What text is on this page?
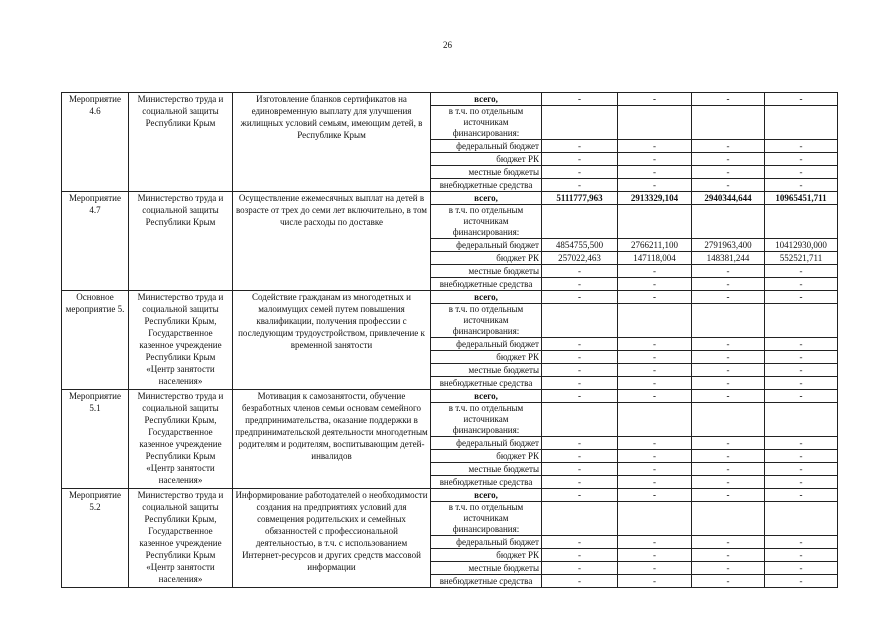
26
Мероприятие 4.6	Министерство труда и социальной защиты Республики Крым	Изготовление бланков сертификатов на единовременную выплату для улучшения жилищных условий семьям, имеющим детей, в Республике Крым	всего,	-	-	-	-
			в т.ч. по отдельным источникам финансирования:				
			федеральный бюджет	-	-	-	-
			бюджет РК	-	-	-	-
			местные бюджеты	-	-	-	-
			внебюджетные средства	-	-	-	-
Мероприятие 4.7	Министерство труда и социальной защиты Республики Крым	Осуществление ежемесячных выплат на детей в возрасте от трех до семи лет включительно, в том числе расходы по доставке	всего,	5111777,963	2913329,104	2940344,644	10965451,711
			в т.ч. по отдельным источникам финансирования:				
			федеральный бюджет	4854755,500	2766211,100	2791963,400	10412930,000
			бюджет РК	257022,463	147118,004	148381,244	552521,711
			местные бюджеты	-	-	-	-
			внебюджетные средства	-	-	-	-
Основное мероприятие 5.	Министерство труда и социальной защиты Республики Крым, Государственное казенное учреждение Республики Крым «Центр занятости населения»	Содействие гражданам из многодетных и малоимущих семей путем повышения квалификации, получения профессии с последующим трудоустройством, привлечение к временной занятости	всего,	-	-	-	-
			в т.ч. по отдельным источникам финансирования:				
			федеральный бюджет	-	-	-	-
			бюджет РК	-	-	-	-
			местные бюджеты	-	-	-	-
			внебюджетные средства	-	-	-	-
Мероприятие 5.1	Министерство труда и социальной защиты Республики Крым, Государственное казенное учреждение Республики Крым «Центр занятости населения»	Мотивация к самозанятости, обучение безработных членов семьи основам семейного предпринимательства, оказание поддержки в предпринимательской деятельности многодетным родителям и родителям, воспитывающим детей-инвалидов	всего,	-	-	-	-
			в т.ч. по отдельным источникам финансирования:				
			федеральный бюджет	-	-	-	-
			бюджет РК	-	-	-	-
			местные бюджеты	-	-	-	-
			внебюджетные средства	-	-	-	-
Мероприятие 5.2	Министерство труда и социальной защиты Республики Крым, Государственное казенное учреждение Республики Крым «Центр занятости населения»	Информирование работодателей о необходимости создания на предприятиях условий для совмещения родительских и семейных обязанностей с профессиональной деятельностью, в т.ч. с использованием Интернет-ресурсов и других средств массовой информации	всего,	-	-	-	-
			в т.ч. по отдельным источникам финансирования:				
			федеральный бюджет	-	-	-	-
			бюджет РК	-	-	-	-
			местные бюджеты	-	-	-	-
			внебюджетные средства	-	-	-	-
